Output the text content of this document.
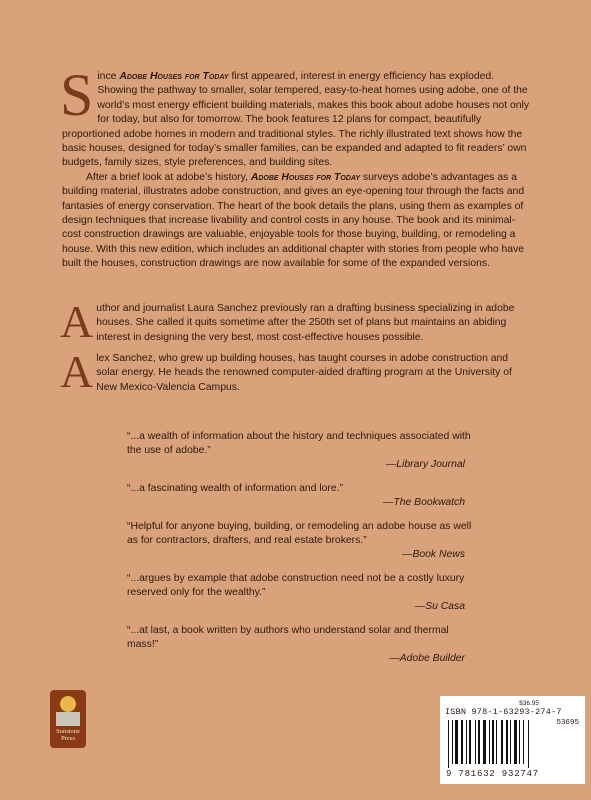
S ince Adobe Houses for Today first appeared, interest in energy efficiency has exploded. Showing the pathway to smaller, solar tempered, easy-to-heat homes using adobe, one of the world’s most energy efficient building materials, makes this book about adobe houses not only for today, but also for tomorrow. The book features 12 plans for compact, beautifully proportioned adobe homes in modern and traditional styles. The richly illustrated text shows how the basic houses, designed for today’s smaller families, can be expanded and adapted to fit readers’ own budgets, family sizes, style preferences, and building sites.

After a brief look at adobe’s history, Adobe Houses for Today surveys adobe’s advantages as a building material, illustrates adobe construction, and gives an eye-opening tour through the facts and fantasies of energy conservation. The heart of the book details the plans, using them as examples of design techniques that increase livability and control costs in any house. The book and its minimal-cost construction drawings are valuable, enjoyable tools for those buying, building, or remodeling a house. With this new edition, which includes an additional chapter with stories from people who have built the houses, construction drawings are now available for some of the expanded versions.

A uthor and journalist Laura Sanchez previously ran a drafting business specializing in adobe houses. She called it quits sometime after the 250th set of plans but maintains an abiding interest in designing the very best, most cost-effective houses possible.

A lex Sanchez, who grew up building houses, has taught courses in adobe construction and solar energy. He heads the renowned computer-aided drafting program at the University of New Mexico-Valencia Campus.

“...a wealth of information about the history and techniques associated with the use of adobe.”
—Library Journal
“...a fascinating wealth of information and lore.”
—The Bookwatch
“Helpful for anyone buying, building, or remodeling an adobe house as well as for contractors, drafters, and real estate brokers.”
—Book News
“...argues by example that adobe construction need not be a costly luxury reserved only for the wealthy.”
—Su Casa
“...at last, a book written by authors who understand solar and thermal mass!”
—Adobe Builder
Sunstone
Press
$36.95
ISBN 978-1-63293-274-7
53695
9 781632 932747
